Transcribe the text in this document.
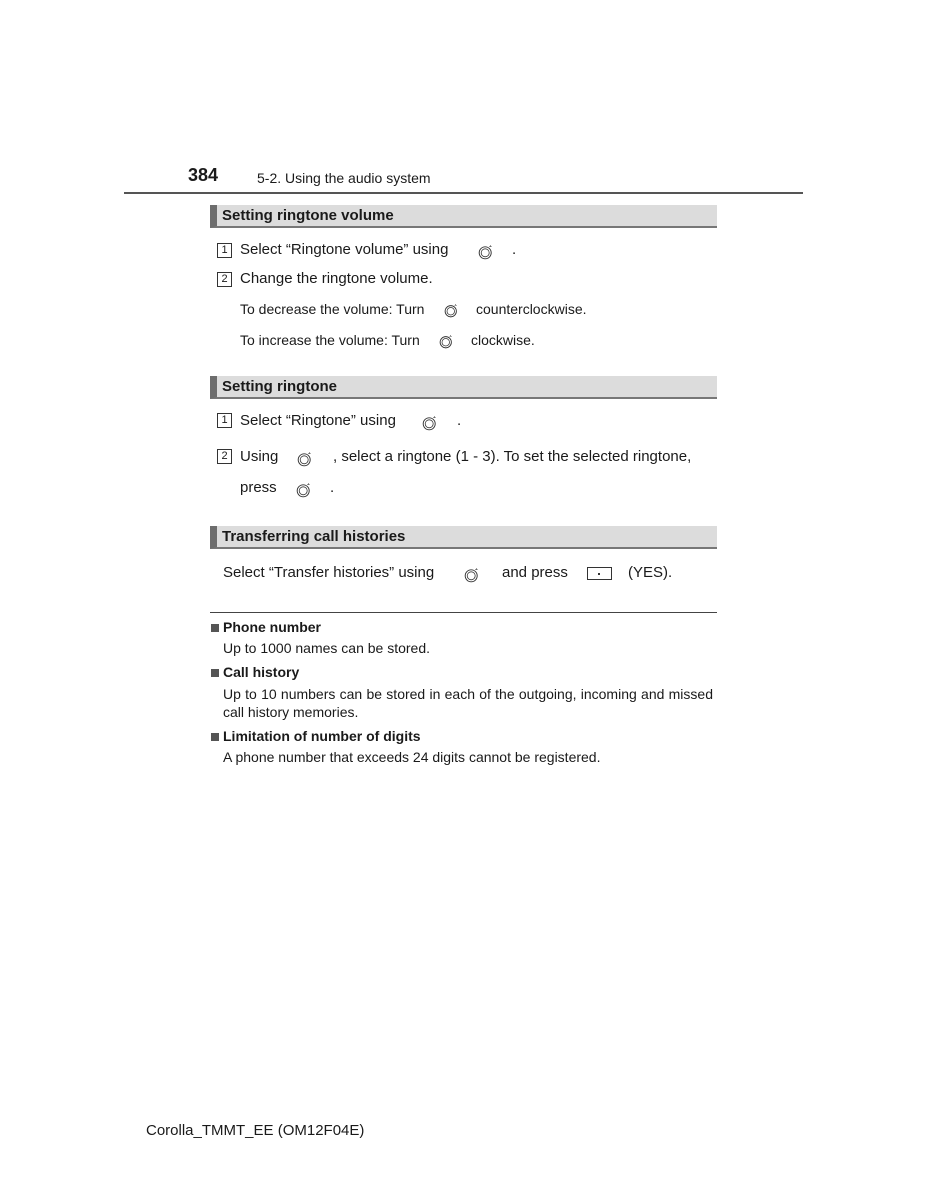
384	5-2. Using the audio system
Setting ringtone volume
1 Select “Ringtone volume” using	.
2 Change the ringtone volume.
To decrease the volume: Turn	counterclockwise.
To increase the volume: Turn	clockwise.
Setting ringtone
1 Select “Ringtone” using	.
2 Using	, select a ringtone (1 - 3). To set the selected ringtone,
press	.
Transferring call histories
Select “Transfer histories” using	and press	(YES).
Phone number
Up to 1000 names can be stored.
Call history
Up to 10 numbers can be stored in each of the outgoing, incoming and missed call history memories.
Limitation of number of digits
A phone number that exceeds 24 digits cannot be registered.
Corolla_TMMT_EE (OM12F04E)
